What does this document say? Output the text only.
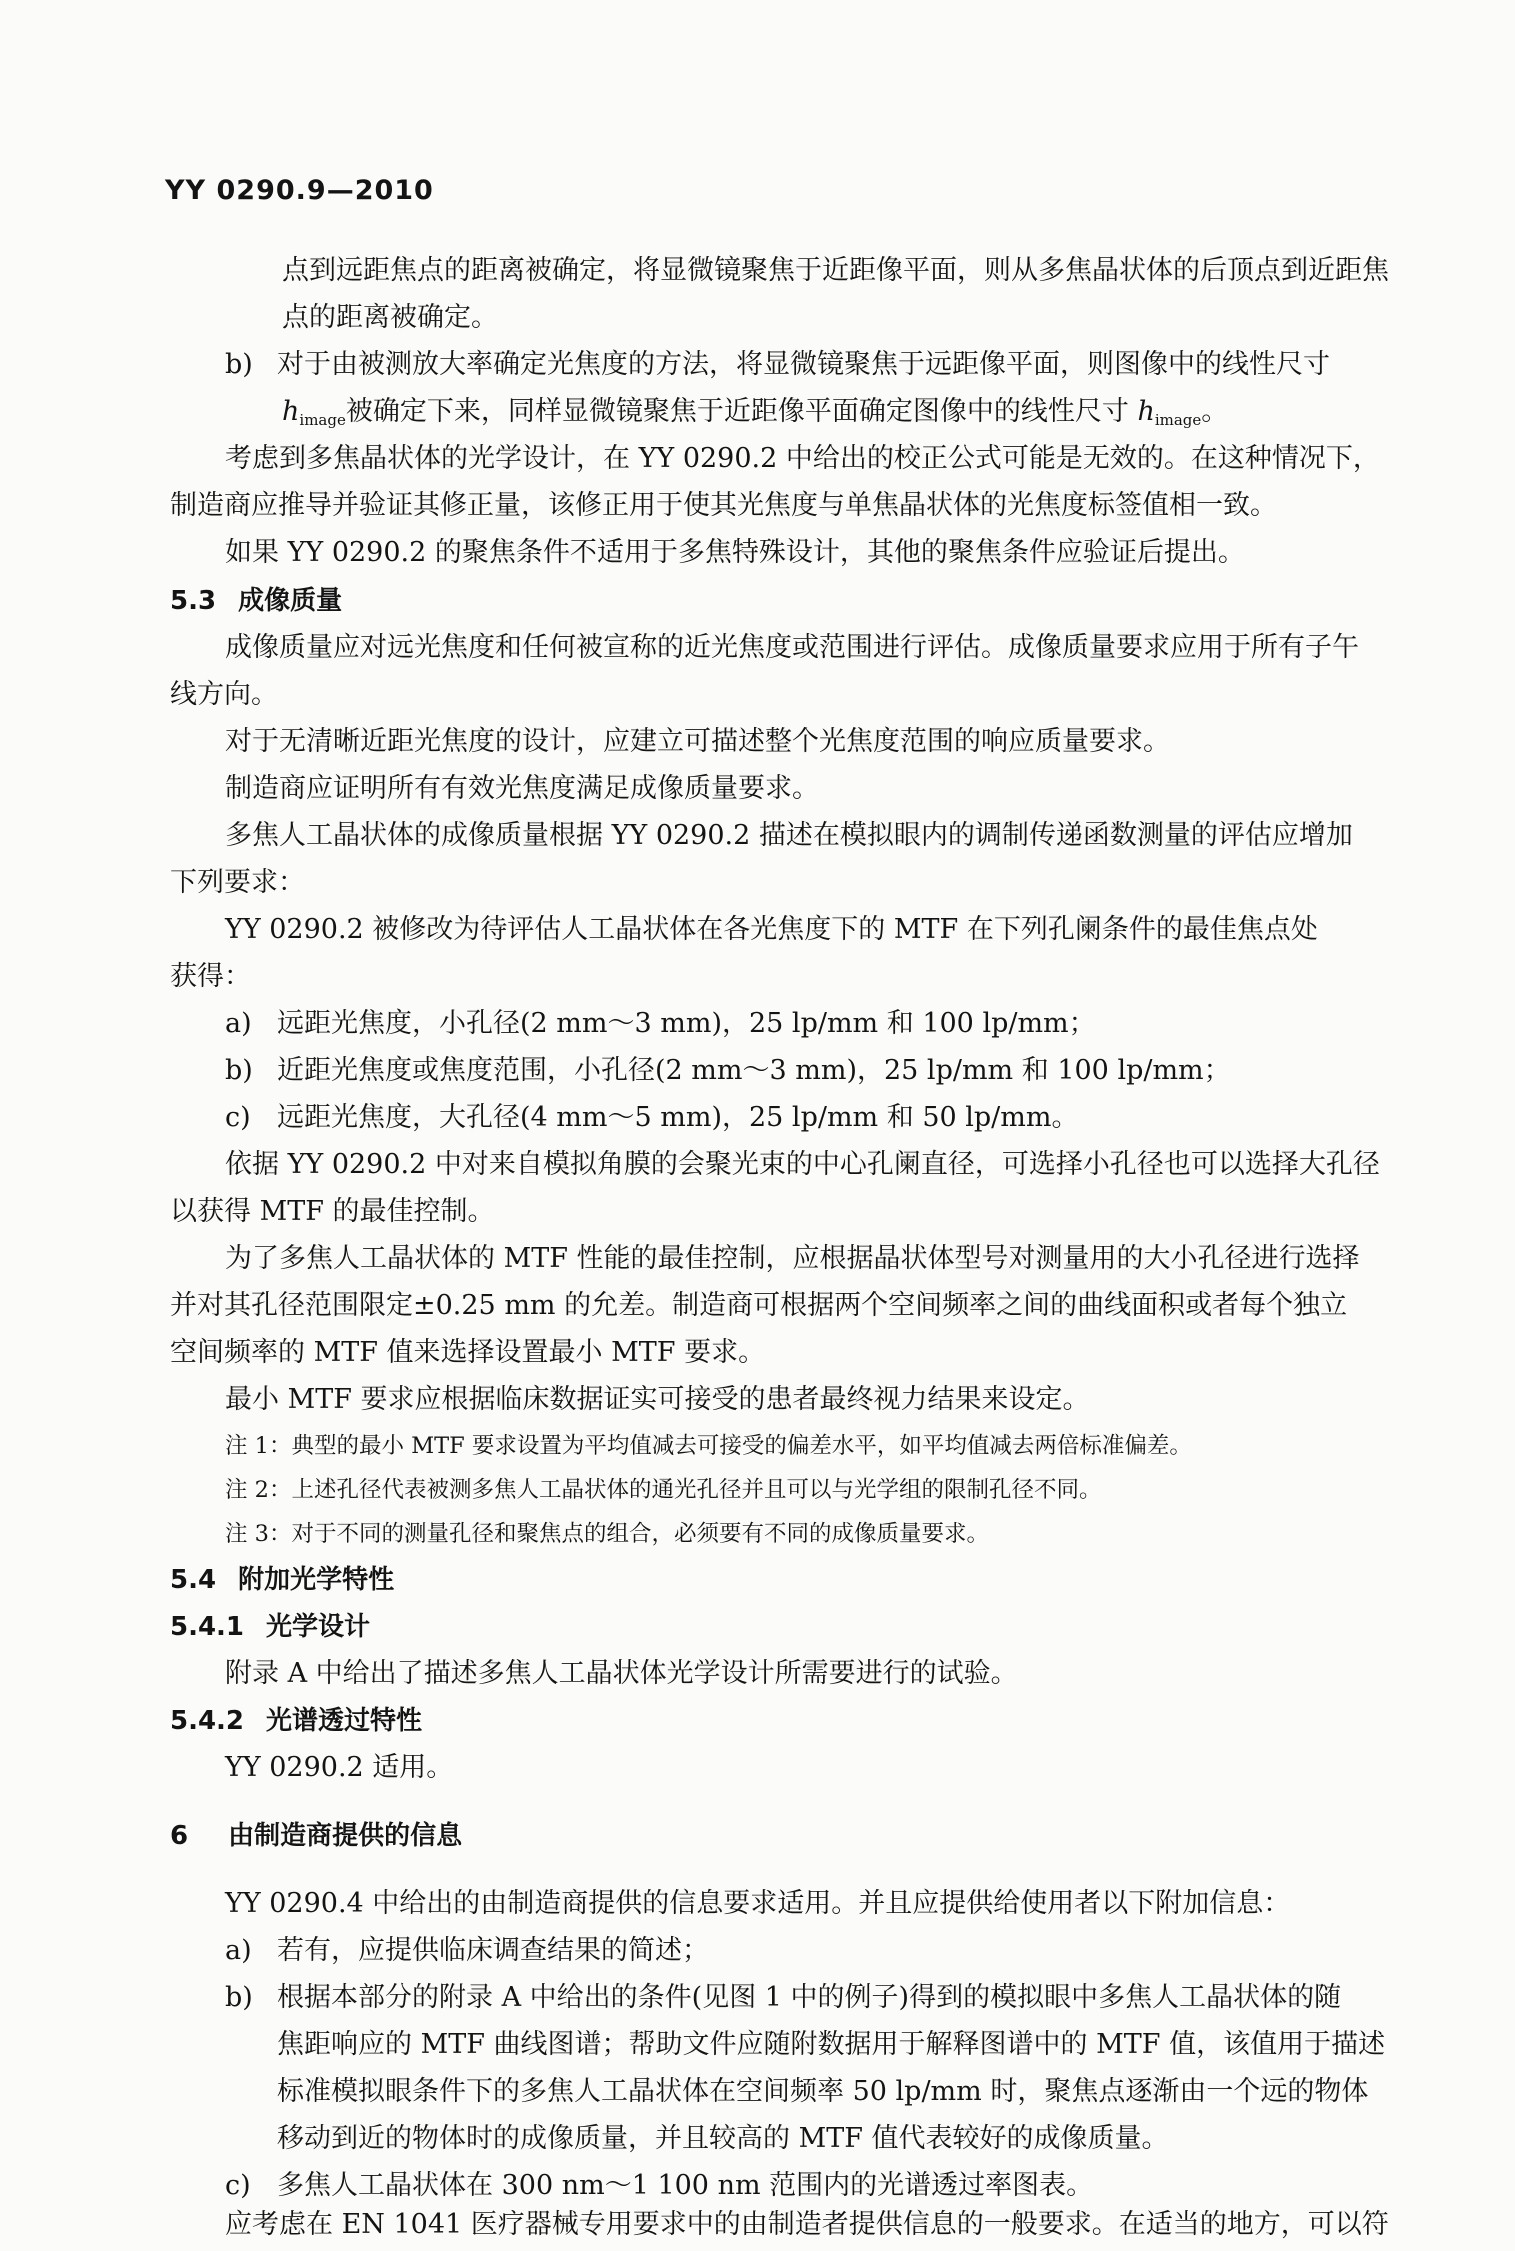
YY 0290.9—2010
点到远距焦点的距离被确定，将显微镜聚焦于近距像平面，则从多焦晶状体的后顶点到近距焦
点的距离被确定。
b) 对于由被测放大率确定光焦度的方法，将显微镜聚焦于远距像平面，则图像中的线性尺寸
$h_{image}$被确定下来，同样显微镜聚焦于近距像平面确定图像中的线性尺寸 $h_{image}$。
考虑到多焦晶状体的光学设计，在 YY 0290.2 中给出的校正公式可能是无效的。在这种情况下，
制造商应推导并验证其修正量，该修正用于使其光焦度与单焦晶状体的光焦度标签值相一致。
如果 YY 0290.2 的聚焦条件不适用于多焦特殊设计，其他的聚焦条件应验证后提出。
5.3 成像质量
成像质量应对远光焦度和任何被宣称的近光焦度或范围进行评估。成像质量要求应用于所有子午
线方向。
对于无清晰近距光焦度的设计，应建立可描述整个光焦度范围的响应质量要求。
制造商应证明所有有效光焦度满足成像质量要求。
多焦人工晶状体的成像质量根据 YY 0290.2 描述在模拟眼内的调制传递函数测量的评估应增加
下列要求：
YY 0290.2 被修改为待评估人工晶状体在各光焦度下的 MTF 在下列孔阑条件的最佳焦点处
获得：
a) 远距光焦度，小孔径(2 mm～3 mm)，25 lp/mm 和 100 lp/mm；
b) 近距光焦度或焦度范围，小孔径(2 mm～3 mm)，25 lp/mm 和 100 lp/mm；
c) 远距光焦度，大孔径(4 mm～5 mm)，25 lp/mm 和 50 lp/mm。
依据 YY 0290.2 中对来自模拟角膜的会聚光束的中心孔阑直径，可选择小孔径也可以选择大孔径
以获得 MTF 的最佳控制。
为了多焦人工晶状体的 MTF 性能的最佳控制，应根据晶状体型号对测量用的大小孔径进行选择
并对其孔径范围限定±0.25 mm 的允差。制造商可根据两个空间频率之间的曲线面积或者每个独立
空间频率的 MTF 值来选择设置最小 MTF 要求。
最小 MTF 要求应根据临床数据证实可接受的患者最终视力结果来设定。
注 1：典型的最小 MTF 要求设置为平均值减去可接受的偏差水平，如平均值减去两倍标准偏差。
注 2：上述孔径代表被测多焦人工晶状体的通光孔径并且可以与光学组的限制孔径不同。
注 3：对于不同的测量孔径和聚焦点的组合，必须要有不同的成像质量要求。
5.4 附加光学特性
5.4.1 光学设计
附录 A 中给出了描述多焦人工晶状体光学设计所需要进行的试验。
5.4.2 光谱透过特性
YY 0290.2 适用。
6 由制造商提供的信息
YY 0290.4 中给出的由制造商提供的信息要求适用。并且应提供给使用者以下附加信息：
a) 若有，应提供临床调查结果的简述；
b) 根据本部分的附录 A 中给出的条件(见图 1 中的例子)得到的模拟眼中多焦人工晶状体的随
焦距响应的 MTF 曲线图谱；帮助文件应随附数据用于解释图谱中的 MTF 值，该值用于描述
标准模拟眼条件下的多焦人工晶状体在空间频率 50 lp/mm 时，聚焦点逐渐由一个远的物体
移动到近的物体时的成像质量，并且较高的 MTF 值代表较好的成像质量。
c) 多焦人工晶状体在 300 nm～1 100 nm 范围内的光谱透过率图表。
应考虑在 EN 1041 医疗器械专用要求中的由制造者提供信息的一般要求。在适当的地方，可以符
